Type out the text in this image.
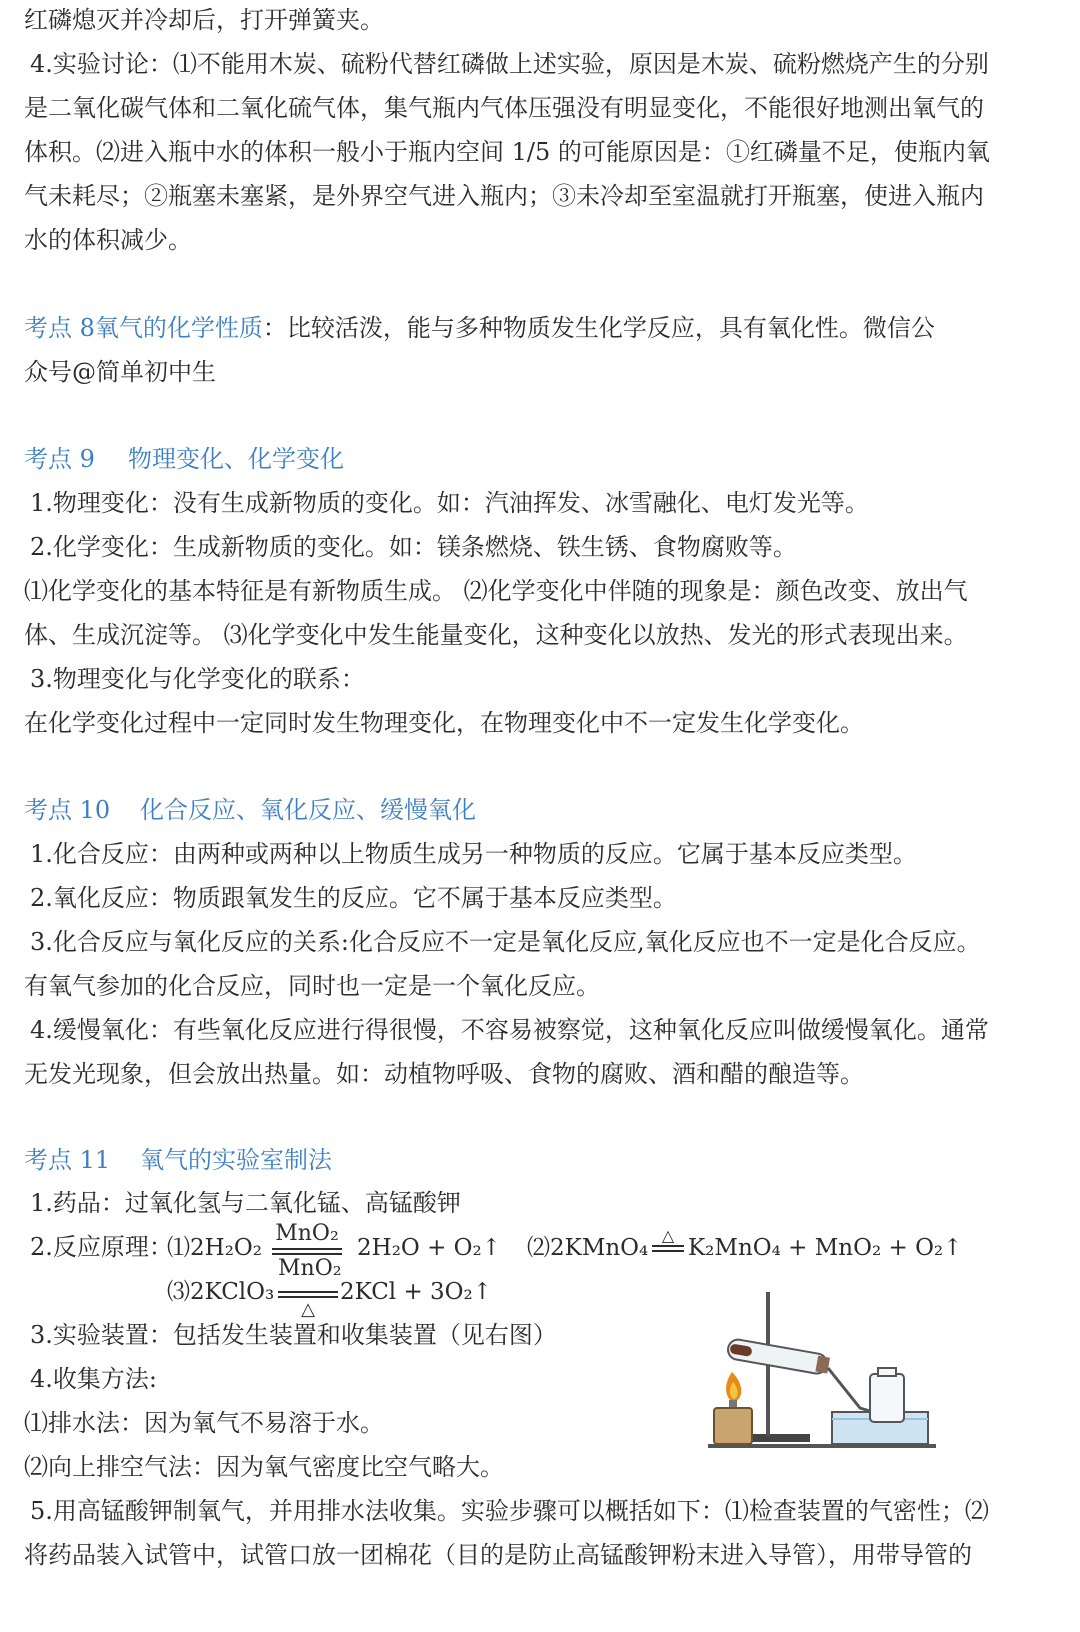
红磷熄灭并冷却后，打开弹簧夹。
4.实验讨论：⑴不能用木炭、硫粉代替红磷做上述实验，原因是木炭、硫粉燃烧产生的分别
是二氧化碳气体和二氧化硫气体，集气瓶内气体压强没有明显变化，不能很好地测出氧气的
体积。⑵进入瓶中水的体积一般小于瓶内空间 1/5 的可能原因是：①红磷量不足，使瓶内氧
气未耗尽；②瓶塞未塞紧，是外界空气进入瓶内；③未冷却至室温就打开瓶塞，使进入瓶内
水的体积减少。
考点 8氧气的化学性质：比较活泼，能与多种物质发生化学反应，具有氧化性。微信公
众号@简单初中生
考点 9 物理变化、化学变化
1.物理变化：没有生成新物质的变化。如：汽油挥发、冰雪融化、电灯发光等。
2.化学变化：生成新物质的变化。如：镁条燃烧、铁生锈、食物腐败等。
⑴化学变化的基本特征是有新物质生成。 ⑵化学变化中伴随的现象是：颜色改变、放出气
体、生成沉淀等。 ⑶化学变化中发生能量变化，这种变化以放热、发光的形式表现出来。
3.物理变化与化学变化的联系：
在化学变化过程中一定同时发生物理变化，在物理变化中不一定发生化学变化。
考点 10 化合反应、氧化反应、缓慢氧化
1.化合反应：由两种或两种以上物质生成另一种物质的反应。它属于基本反应类型。
2.氧化反应：物质跟氧发生的反应。它不属于基本反应类型。
3.化合反应与氧化反应的关系:化合反应不一定是氧化反应,氧化反应也不一定是化合反应。
有氧气参加的化合反应，同时也一定是一个氧化反应。
4.缓慢氧化：有些氧化反应进行得很慢，不容易被察觉，这种氧化反应叫做缓慢氧化。通常
无发光现象，但会放出热量。如：动植物呼吸、食物的腐败、酒和醋的酿造等。
考点 11 氧气的实验室制法
1.药品：过氧化氢与二氧化锰、高锰酸钾
2.反应原理：
⑴2H₂O₂
MnO₂
2H₂O + O₂↑ ⑵2KMnO₄ △ K₂MnO₄ + MnO₂ + O₂↑
⑶2KClO₃
MnO₂
△
2KCl + 3O₂↑
3.实验装置：包括发生装置和收集装置（见右图）
4.收集方法:
⑴排水法：因为氧气不易溶于水。
⑵向上排空气法：因为氧气密度比空气略大。
5.用高锰酸钾制氧气，并用排水法收集。实验步骤可以概括如下：⑴检查装置的气密性；⑵
将药品装入试管中，试管口放一团棉花（目的是防止高锰酸钾粉末进入导管），用带导管的
